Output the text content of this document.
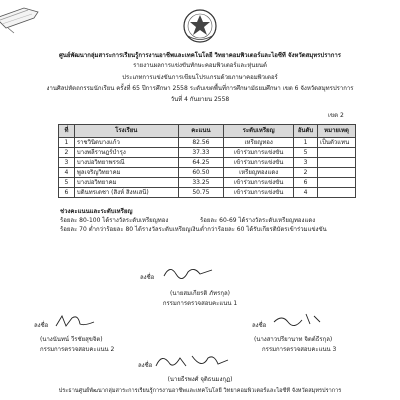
ศูนย์พัฒนากลุ่มสาระการเรียนรู้การงานอาชีพและเทคโนโลยี วิทยาคอมพิวเตอร์และไอซีที จังหวัดสมุทรปราการ
รายงานผลการแข่งขันทักษะคอมพิวเตอร์และหุ่นยนต์
ประเภทการแข่งขันการเขียนโปรแกรมด้วยภาษาคอมพิวเตอร์
งานศิลปหัตถกรรมนักเรียน ครั้งที่ 65 ปีการศึกษา 2558 ระดับเขตพื้นที่การศึกษามัธยมศึกษา เขต 6 จังหวัดสมุทรปราการ
วันที่ 4 กันยายน 2558
เขต 2
ที่	โรงเรียน	คะแนน	ระดับเหรียญ	อันดับ	หมายเหตุ
1	ราชวินิตบางแก้ว	82.56	เหรียญทอง	1	เป็นตัวแทน
2	บางพลีราษฎร์บำรุง	37.33	เข้าร่วมการแข่งขัน	5	
3	บางบ่อวิทยาพรรณี	64.25	เข้าร่วมการแข่งขัน	3	
4	พูลเจริญวิทยาคม	60.50	เหรียญทองแดง	2	
5	บางบ่อวิทยาคม	33.25	เข้าร่วมการแข่งขัน	6	
6	บดินทรเดชา (สิงห์ สิงหเสนี)	50.75	เข้าร่วมการแข่งขัน	4	
ช่วงคะแนนและระดับเหรียญ
ร้อยละ 80-100 ได้รางวัลระดับเหรียญทอง	ร้อยละ 60-69 ได้รางวัลระดับเหรียญทองแดง
ร้อยละ 70 ต่ำกว่าร้อยละ 80 ได้รางวัลระดับเหรียญเงิน ต่ำกว่าร้อยละ 60 ได้รับเกียรติบัตรเข้าร่วมแข่งขัน
ลงชื่อ
(นายสมเกียรติ ภัทรกุล)
กรรมการตรวจสอบคะแนน 1
ลงชื่อ
(นางนันทน์ วีรชัยสุขจิต)
กรรมการตรวจสอบคะแนน 2
ลงชื่อ
(นางสาวปรียานาท จิตต์ธีรกุล)
กรรมการตรวจสอบคะแนน 3
ลงชื่อ
(นายธีรพงศ์ จุติธนมงกุฏ)
ประธานศูนย์พัฒนากลุ่มสาระการเรียนรู้การงานอาชีพและเทคโนโลยี วิทยาคอมพิวเตอร์และไอซีที จังหวัดสมุทรปราการ
